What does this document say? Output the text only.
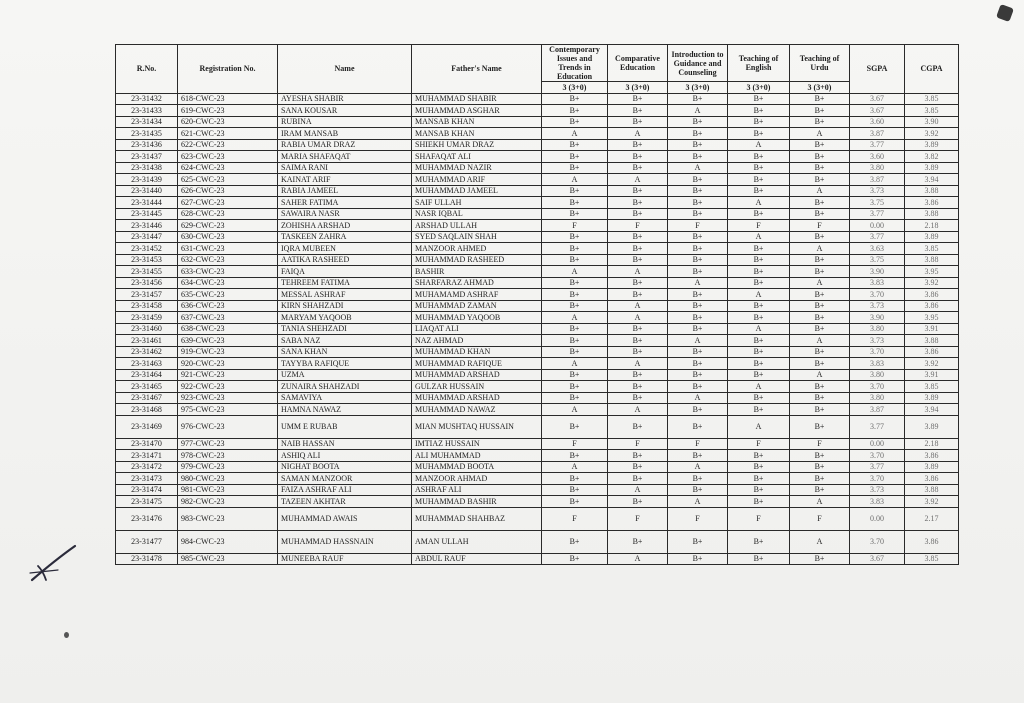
R.No.	Registration No.	Name	Father's Name	Contemporary Issues and Trends in Education	Comparative Education	Introduction to Guidance and Counseling	Teaching of English	Teaching of Urdu	SGPA	CGPA
				3 (3+0)	3 (3+0)	3 (3+0)	3 (3+0)	3 (3+0)		
23-31432	618-CWC-23	AYESHA SHABIR	MUHAMMAD SHABIR	B+	B+	B+	B+	B+	3.67	3.85
23-31433	619-CWC-23	SANA KOUSAR	MUHAMMAD ASGHAR	B+	B+	A	B+	B+	3.67	3.85
23-31434	620-CWC-23	RUBINA	MANSAB KHAN	B+	B+	B+	B+	B+	3.60	3.90
23-31435	621-CWC-23	IRAM MANSAB	MANSAB KHAN	A	A	B+	B+	A	3.87	3.92
23-31436	622-CWC-23	RABIA UMAR DRAZ	SHIEKH UMAR DRAZ	B+	B+	B+	A	B+	3.77	3.89
23-31437	623-CWC-23	MARIA SHAFAQAT	SHAFAQAT ALI	B+	B+	B+	B+	B+	3.60	3.82
23-31438	624-CWC-23	SAIMA RANI	MUHAMMAD NAZIR	B+	B+	A	B+	B+	3.80	3.89
23-31439	625-CWC-23	KAINAT ARIF	MUHAMMAD ARIF	A	A	B+	B+	B+	3.87	3.94
23-31440	626-CWC-23	RABIA JAMEEL	MUHAMMAD JAMEEL	B+	B+	B+	B+	A	3.73	3.88
23-31444	627-CWC-23	SAHER FATIMA	SAIF ULLAH	B+	B+	B+	A	B+	3.75	3.86
23-31445	628-CWC-23	SAWAIRA NASR	NASR IQBAL	B+	B+	B+	B+	B+	3.77	3.88
23-31446	629-CWC-23	ZOHISHA ARSHAD	ARSHAD ULLAH	F	F	F	F	F	0.00	2.18
23-31447	630-CWC-23	TASKEEN ZAHRA	SYED SAQLAIN SHAH	B+	B+	B+	A	B+	3.77	3.89
23-31452	631-CWC-23	IQRA MUBEEN	MANZOOR AHMED	B+	B+	B+	B+	A	3.63	3.85
23-31453	632-CWC-23	AATIKA RASHEED	MUHAMMAD RASHEED	B+	B+	B+	B+	B+	3.75	3.88
23-31455	633-CWC-23	FAIQA	BASHIR	A	A	B+	B+	B+	3.90	3.95
23-31456	634-CWC-23	TEHREEM FATIMA	SHARFARAZ AHMAD	B+	B+	A	B+	A	3.83	3.92
23-31457	635-CWC-23	MESSAL ASHRAF	MUHAMAMD ASHRAF	B+	B+	B+	A	B+	3.70	3.86
23-31458	636-CWC-23	KIRN SHAHZADI	MUHAMMAD ZAMAN	B+	A	B+	B+	B+	3.73	3.86
23-31459	637-CWC-23	MARYAM YAQOOB	MUHAMMAD YAQOOB	A	A	B+	B+	B+	3.90	3.95
23-31460	638-CWC-23	TANIA SHEHZADI	LIAQAT ALI	B+	B+	B+	A	B+	3.80	3.91
23-31461	639-CWC-23	SABA NAZ	NAZ AHMAD	B+	B+	A	B+	A	3.73	3.88
23-31462	919-CWC-23	SANA KHAN	MUHAMMAD KHAN	B+	B+	B+	B+	B+	3.70	3.86
23-31463	920-CWC-23	TAYYBA RAFIQUE	MUHAMMAD RAFIQUE	A	A	B+	B+	B+	3.83	3.92
23-31464	921-CWC-23	UZMA	MUHAMMAD ARSHAD	B+	B+	B+	B+	A	3.80	3.91
23-31465	922-CWC-23	ZUNAIRA SHAHZADI	GULZAR HUSSAIN	B+	B+	B+	A	B+	3.70	3.85
23-31467	923-CWC-23	SAMAVIYA	MUHAMMAD ARSHAD	B+	B+	A	B+	B+	3.80	3.89
23-31468	975-CWC-23	HAMNA NAWAZ	MUHAMMAD NAWAZ	A	A	B+	B+	B+	3.87	3.94
23-31469	976-CWC-23	UMM E RUBAB	MIAN MUSHTAQ HUSSAIN	B+	B+	B+	A	B+	3.77	3.89
23-31470	977-CWC-23	NAIB HASSAN	IMTIAZ HUSSAIN	F	F	F	F	F	0.00	2.18
23-31471	978-CWC-23	ASHIQ ALI	ALI MUHAMMAD	B+	B+	B+	B+	B+	3.70	3.86
23-31472	979-CWC-23	NIGHAT BOOTA	MUHAMMAD BOOTA	A	B+	A	B+	B+	3.77	3.89
23-31473	980-CWC-23	SAMAN MANZOOR	MANZOOR AHMAD	B+	B+	B+	B+	B+	3.70	3.86
23-31474	981-CWC-23	FAIZA ASHRAF ALI	ASHRAF ALI	B+	A	B+	B+	B+	3.73	3.88
23-31475	982-CWC-23	TAZEEN AKHTAR	MUHAMMAD BASHIR	B+	B+	A	B+	A	3.83	3.92
23-31476	983-CWC-23	MUHAMMAD AWAIS	MUHAMMAD SHAHBAZ	F	F	F	F	F	0.00	2.17
23-31477	984-CWC-23	MUHAMMAD HASSNAIN	AMAN ULLAH	B+	B+	B+	B+	A	3.70	3.86
23-31478	985-CWC-23	MUNEEBA RAUF	ABDUL RAUF	B+	A	B+	B+	B+	3.67	3.85
